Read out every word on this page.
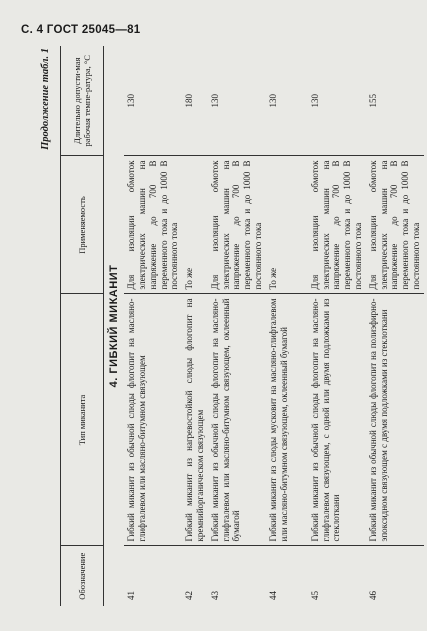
С. 4 ГОСТ 25045—81
Продолжение табл. 1
Обозначение	Тип миканита	Применяемость	Длительно допусти-мая рабочая темпе-ратура, °С
4. ГИБКИЙ МИКАНИТ			
41	Гибкий миканит из обычной слюды флогопит на масляно-глифталевом или масляно-битумном связующем	Для изоляции обмоток электрических машин на напряжение до 700 В переменного тока и до 1000 В постоянного тока	130
42	Гибкий миканит из нагревостойкой слюды флогопит на кремнийорганическом связующем	То же	180
43	Гибкий миканит из обычной слюды флогопит на масляно-глифталевом или масляно-битумном связующем, оклеенный бумагой	Для изоляции обмоток электрических машин на напряжение до 700 В переменного тока и до 1000 В постоянного тока	130
44	Гибкий миканит из слюды мусковит на масляно-глифталевом или масляно-битумном связующем, оклеенный бумагой	То же	130
45	Гибкий миканит из обычной слюды флогопит на масляно-глифталевом связующем, с одной или двумя подложками из стеклоткани	Для изоляции обмоток электрических машин на напряжение до 700 В переменного тока и до 1000 В постоянного тока	130
46	Гибкий миканит из обычной слюды флогопит на полиэфирно-эпоксидном связующем с двумя подложками из стеклоткани	Для изоляции обмоток электрических машин на напряжение до 700 В переменного тока и до 1000 В постоянного тока	155
